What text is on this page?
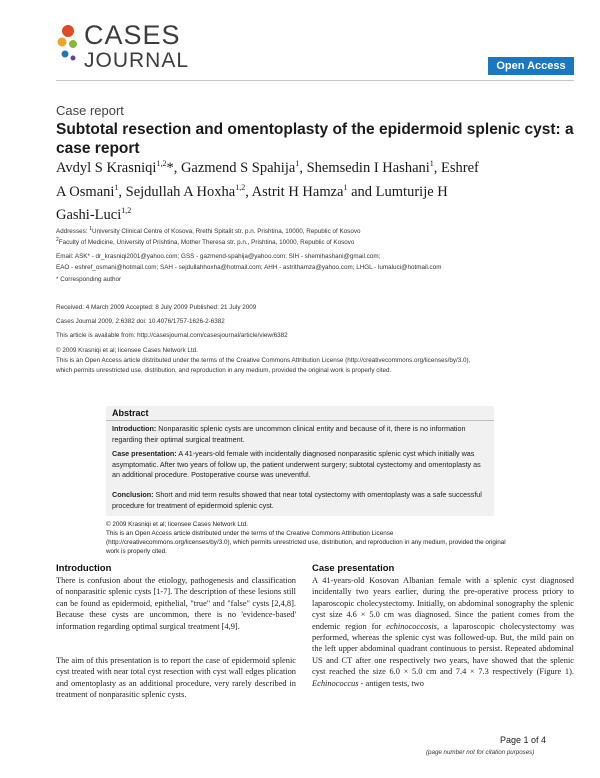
CASES
JOURNAL	Open Access
Case report
Subtotal resection and omentoplasty of the epidermoid splenic cyst: a case report
Avdyl S Krasniqi$^{1,2}$*, Gazmend S Spahija$^1$, Shemsedin I Hashani$^1$, Eshref A Osmani$^1$, Sejdullah A Hoxha$^{1,2}$, Astrit H Hamza$^1$ and Lumturije H Gashi-Luci$^{1,2}$
Addresses: $^1$University Clinical Centre of Kosova, Rrethi Spitalit str. p.n. Prishtina, 10000, Republic of Kosovo
$^2$Faculty of Medicine, University of Prishtina, Mother Theresa str. p.n., Prishtina, 10000, Republic of Kosovo
Email: ASK* - dr_krasniqi2001@yahoo.com; GSS - gazmend-spahija@yahoo.com; SIH - shemihashani@gmail.com;
EAO - eshref_osmani@hotmail.com; SAH - sejdullahhoxha@hotmail.com; AHH - astrithamza@yahoo.com; LHGL - lumaluci@hotmail.com
* Corresponding author
Received: 4 March 2009 Accepted: 8 July 2009 Published: 21 July 2009
Cases Journal 2009, 2:6382 doi: 10.4076/1757-1626-2-6382
This article is available from: http://casesjournal.com/casesjournal/article/view/6382
© 2009 Krasniqi et al; licensee Cases Network Ltd.
This is an Open Access article distributed under the terms of the Creative Commons Attribution License (http://creativecommons.org/licenses/by/3.0),
which permits unrestricted use, distribution, and reproduction in any medium, provided the original work is properly cited.
Abstract
Introduction: Nonparasitic splenic cysts are uncommon clinical entity and because of it, there is no information regarding their optimal surgical treatment.
Case presentation: A 41-years-old female with incidentally diagnosed nonparasitic splenic cyst which initially was asymptomatic. After two years of follow up, the patient underwent surgery; subtotal cystectomy and omentoplasty as an additional procedure. Postoperative course was uneventful.
Conclusion: Short and mid term results showed that near total cystectomy with omentoplasty was a safe successful procedure for treatment of epidermoid splenic cyst.
© 2009 Krasniqi et al; licensee Cases Network Ltd.
This is an Open Access article distributed under the terms of the Creative Commons Attribution License (http://creativecommons.org/licenses/by/3.0), which permits unrestricted use, distribution, and reproduction in any medium, provided the original work is properly cited.
Introduction
There is confusion about the etiology, pathogenesis and classification of nonparasitic splenic cysts [1-7]. The description of these lesions still can be found as epidermoid, epithelial, "true" and "false" cysts [2,4,8]. Because these cysts are uncommon, there is no 'evidence-based' information regarding optimal surgical treatment [4,9].
The aim of this presentation is to report the case of epidermoid splenic cyst treated with near total cyst resection with cyst wall edges plication and omentoplasty as an additional procedure, very rarely described in treatment of nonparasitic splenic cysts.
Case presentation
A 41-years-old Kosovan Albanian female with a splenic cyst diagnosed incidentally two years earlier, during the pre-operative process priory to laparoscopic cholecystectomy. Initially, on abdominal sonography the splenic cyst size 4.6 × 5.0 cm was diagnosed. Since the patient comes from the endemic region for echinococcosis, a laparoscopic cholecystectomy was performed, whereas the splenic cyst was followed-up. But, the mild pain on the left upper abdominal quadrant continuous to persist. Repeated abdominal US and CT after one respectively two years, have showed that the splenic cyst reached the size 6.0 × 5.0 cm and 7.4 × 7.3 respectively (Figure 1). Echinococcus - antigen tests, two
Page 1 of 4
(page number not for citation purposes)
